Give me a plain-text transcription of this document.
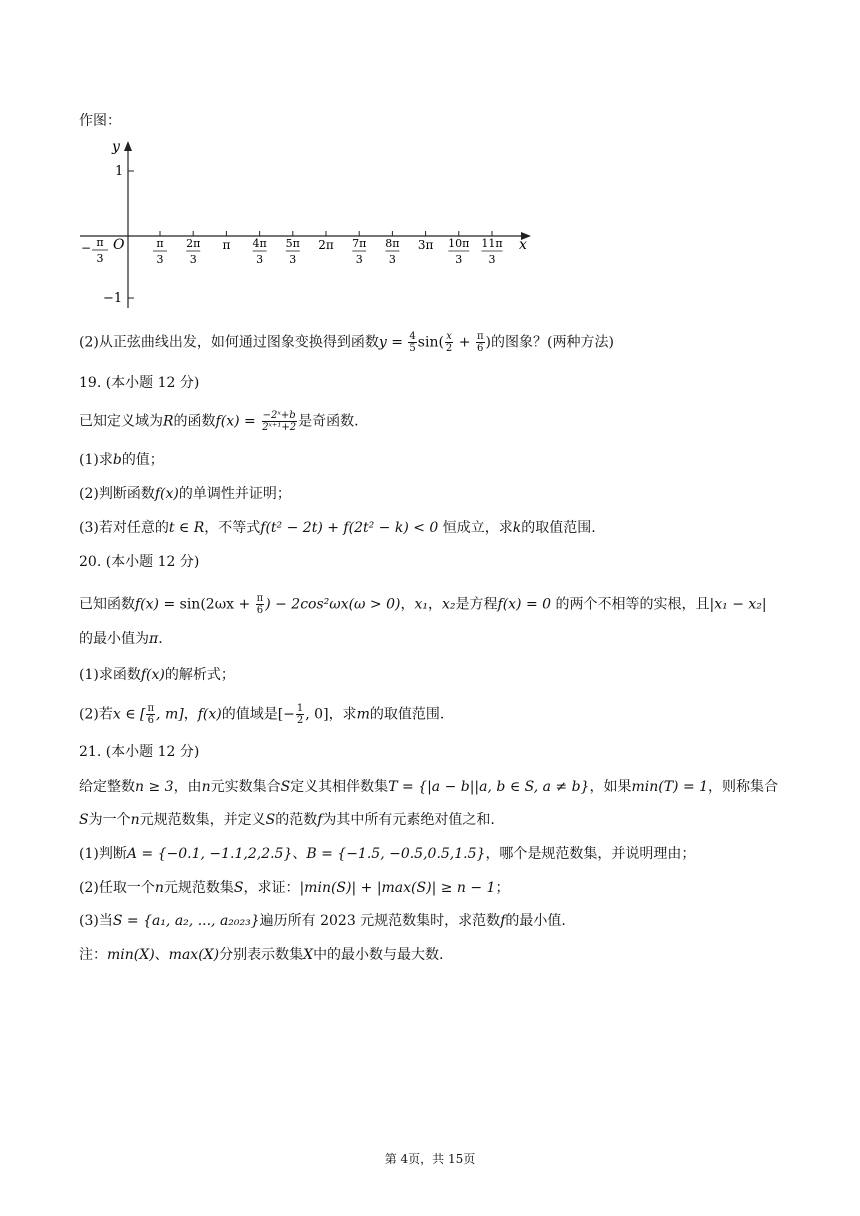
作图：
y
1
−1
O	x
− π
3
π
3
2π
3
π 4π
3
5π
3
2π 7π
3
8π
3
3π 10π
3
11π
3
(2)从正弦曲线出发，如何通过图象变换得到函数$y = \frac{4}{5} \sin( \frac{x}{2} + \frac{\pi}{6}$ )的图象？(两种方法)
19. (本小题 12 分)
已知定义域为R的函数$f(x) = \frac{\text{−2ˣ+b}}{\text{2ˣ⁺¹+2}}$ 是奇函数.
(1)求b的值；
(2)判断函数f(x)的单调性并证明；
(3)若对任意的t ∈ R，不等式f(t² − 2t) + f(2t² − k) < 0 恒成立，求k的取值范围.
20. (本小题 12 分)
已知函数$f(x) = \sin(2\omega x + \frac{\pi}{6}$ ) − 2cos²ωx(ω > 0)，x₁，x₂是方程f(x) = 0 的两个不相等的实根，且|x₁ − x₂|
的最小值为π.
(1)求函数f(x)的解析式；
(2)若x ∈ [ $\frac{\pi}{6}$ , m]，f(x)的值域是[− $\frac{1}{2}$ , 0]，求m的取值范围.
21. (本小题 12 分)
给定整数n ≥ 3，由n元实数集合S定义其相伴数集T = {|a − b||a, b ∈ S, a ≠ b}，如果min(T) = 1，则称集合
S为一个n元规范数集，并定义S的范数f为其中所有元素绝对值之和.
(1)判断A = {−0.1, −1.1,2,2.5}、B = {−1.5, −0.5,0.5,1.5}，哪个是规范数集，并说明理由；
(2)任取一个n元规范数集S，求证：|min(S)| + |max(S)| ≥ n − 1；
(3)当S = {a₁, a₂, ..., a₂₀₂₃}遍历所有 2023 元规范数集时，求范数f的最小值.
注：min(X)、max(X)分别表示数集X中的最小数与最大数.
第 4页，共 15页
